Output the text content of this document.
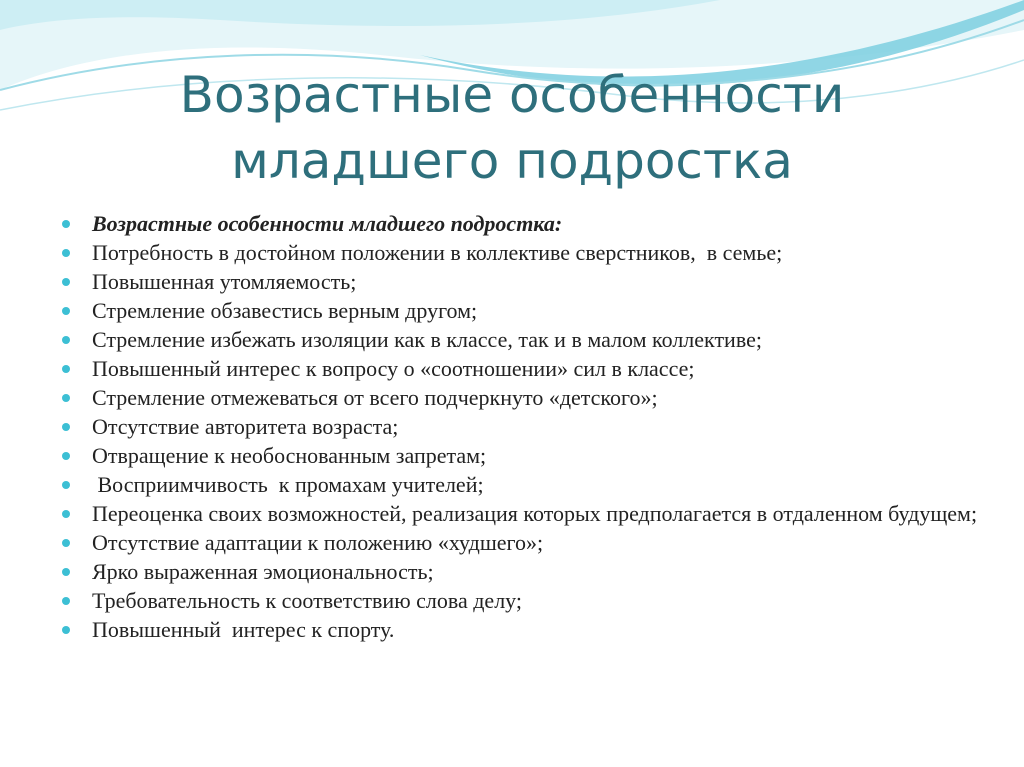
Возрастные особенности
младшего подростка
Возрастные особенности младшего подростка:
Потребность в достойном положении в коллективе сверстников,  в семье;
Повышенная утомляемость;
Стремление обзавестись верным другом;
Стремление избежать изоляции как в классе, так и в малом коллективе;
Повышенный интерес к вопросу о «соотношении» сил в классе;
Стремление отмежеваться от всего подчеркнуто «детского»;
Отсутствие авторитета возраста;
Отвращение к необоснованным запретам;
Восприимчивость  к промахам учителей;
Переоценка своих возможностей, реализация которых предполагается в отдаленном будущем;
Отсутствие адаптации к положению «худшего»;
Ярко выраженная эмоциональность;
Требовательность к соответствию слова делу;
Повышенный  интерес к спорту.
